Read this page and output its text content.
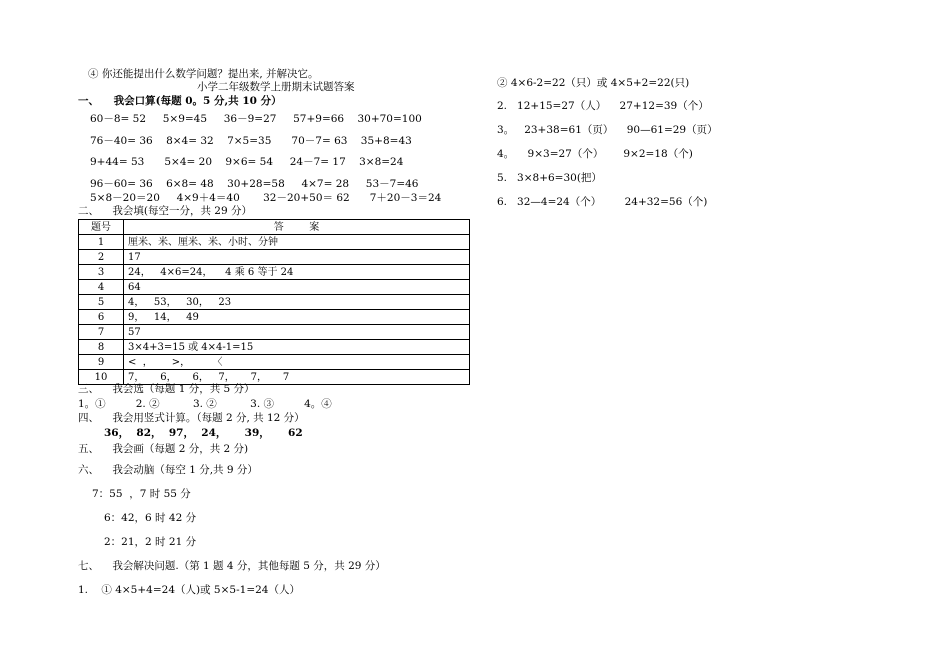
④ 你还能提出什么数学问题？提出来, 并解决它。
小学二年级数学上册期末试题答案
一、    我会口算(每题 0。5 分,共 10 分）
60－8= 52     5×9=45     36－9=27     57+9=66    30+70=100
76－40= 36    8×4= 32    7×5=35      70－7= 63    35+8=43
9+44= 53      5×4= 20    9×6= 54     24－7= 17    3×8=24
96－60= 36    6×8= 48    30+28=58     4×7= 28     53－7=46
5×8－20＝20     4×9＋4＝40       32－20+50＝ 62      7＋20－3＝24
二、    我会填(每空一分，共 29 分）
题号	答        案
1	厘米、米、厘米、米、小时、分钟
2	17
3	24，   4×6=24，    4 乘 6 等于 24
4	64
5	4，   53，   30，   23
6	9，   14，   49
7	57
8	3×4+3=15 或 4×4-1=15
9	<  ，      >，       〈
10	7，     6，     6，   7，     7，     7
三、    我会选（每题 1 分，共 5 分）
1。①         2. ②          3. ②          3. ③         4。④
四、    我会用竖式计算。（每题 2 分, 共 12 分）
36，  82，  97，  24，     39，     62
五、    我会画（每题 2 分，共 2 分)
六、    我会动脑（每空 1 分,共 9 分）
7：55  ，7 时 55 分
6：42，6 时 42 分
2：21，2 时 21 分
七、    我会解决问题.（第 1 题 4 分，其他每题 5 分，共 29 分）
1.    ① 4×5+4=24（人)或 5×5-1=24（人）
② 4×6-2=22（只）或 4×5+2=22(只)
2.   12+15=27（人）    27+12=39（个）
3。   23+38=61（页）    90—61=29（页）
4。    9×3=27（个）      9×2=18（个)
5.   3×8+6=30(把）
6.   32—4=24（个）       24+32=56（个)
